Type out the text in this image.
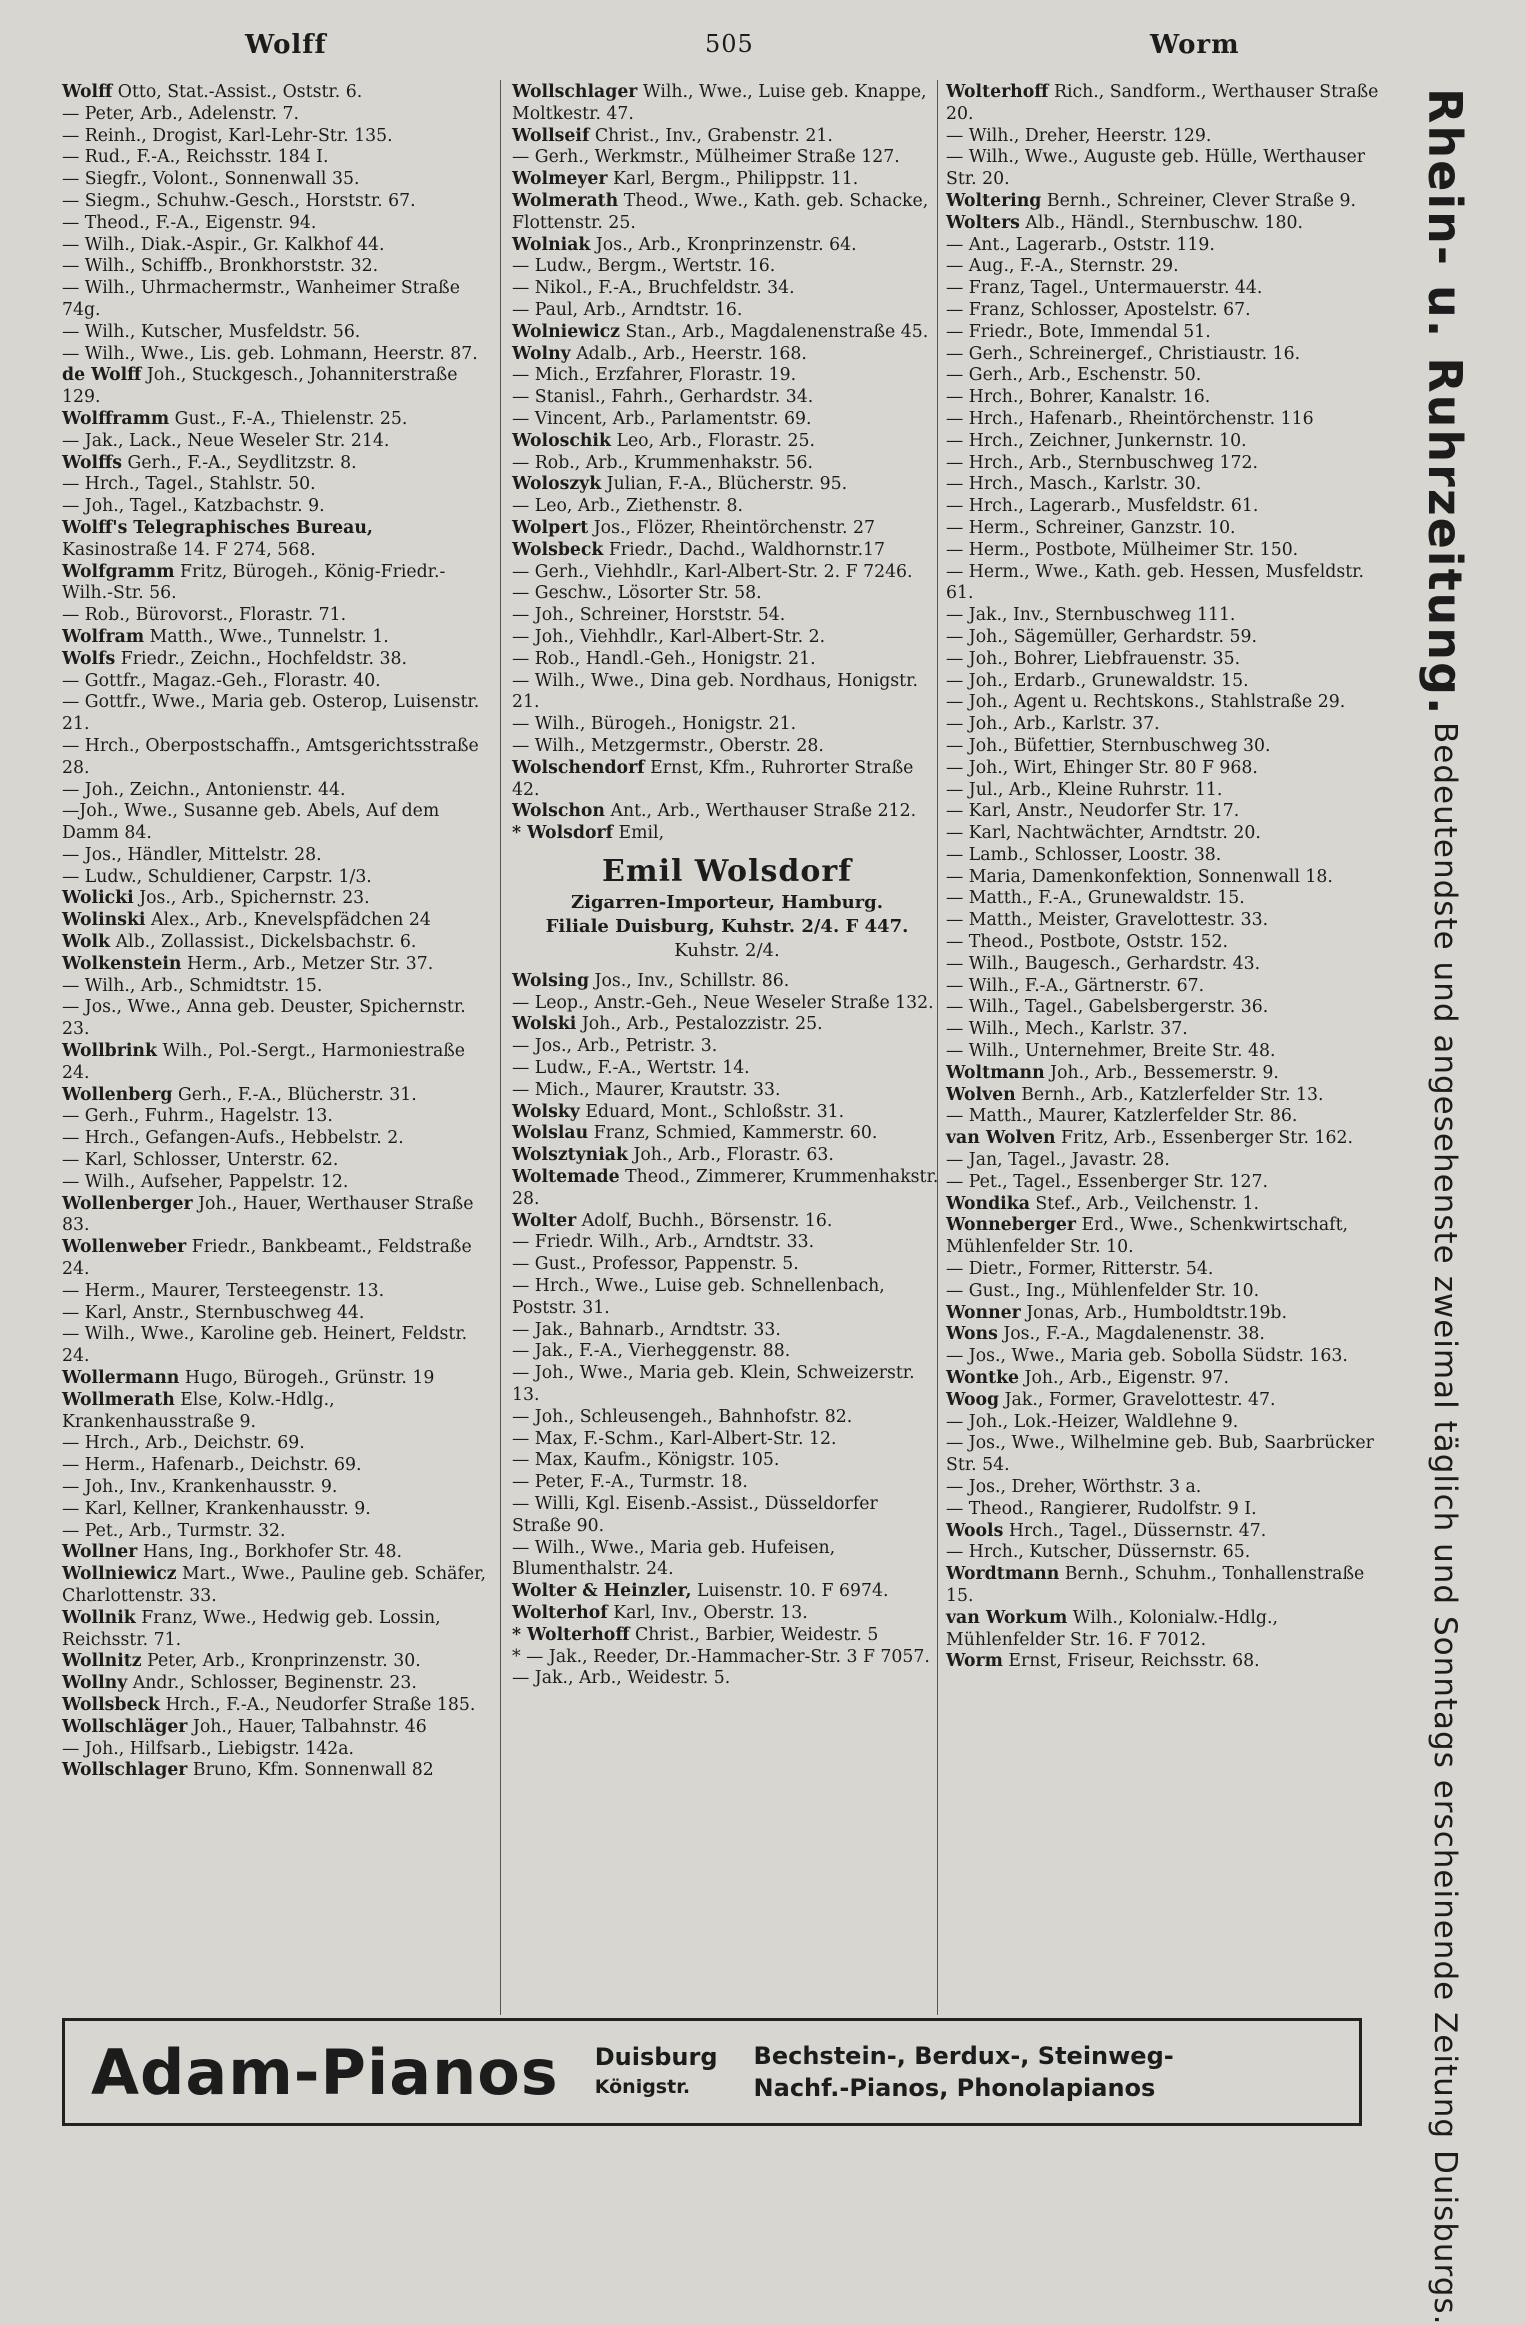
Wolff	505	Worm
Wolff Otto, Stat.-Assist., Oststr. 6.
— Peter, Arb., Adelenstr. 7.
— Reinh., Drogist, Karl-Lehr-Str. 135.
— Rud., F.-A., Reichsstr. 184 I.
— Siegfr., Volont., Sonnenwall 35.
— Siegm., Schuhw.-Gesch., Horststr. 67.
— Theod., F.-A., Eigenstr. 94.
— Wilh., Diak.-Aspir., Gr. Kalkhof 44.
— Wilh., Schiffb., Bronkhorststr. 32.
— Wilh., Uhrmachermstr., Wanheimer Straße 74g.
— Wilh., Kutscher, Musfeldstr. 56.
— Wilh., Wwe., Lis. geb. Lohmann, Heerstr. 87.
de Wolff Joh., Stuckgesch., Johanniterstraße 129.
Wolfframm Gust., F.-A., Thielenstr. 25.
— Jak., Lack., Neue Weseler Str. 214.
Wolffs Gerh., F.-A., Seydlitzstr. 8.
— Hrch., Tagel., Stahlstr. 50.
— Joh., Tagel., Katzbachstr. 9.
Wolff's Telegraphisches Bureau, Kasinostraße 14. F 274, 568.
Wolfgramm Fritz, Bürogeh., König-Friedr.-Wilh.-Str. 56.
— Rob., Bürovorst., Florastr. 71.
Wolfram Matth., Wwe., Tunnelstr. 1.
Wolfs Friedr., Zeichn., Hochfeldstr. 38.
— Gottfr., Magaz.-Geh., Florastr. 40.
— Gottfr., Wwe., Maria geb. Osterop, Luisenstr. 21.
— Hrch., Oberpostschaffn., Amtsgerichtsstraße 28.
— Joh., Zeichn., Antonienstr. 44.
—Joh., Wwe., Susanne geb. Abels, Auf dem Damm 84.
— Jos., Händler, Mittelstr. 28.
— Ludw., Schuldiener, Carpstr. 1/3.
Wolicki Jos., Arb., Spichernstr. 23.
Wolinski Alex., Arb., Knevelspfädchen 24
Wolk Alb., Zollassist., Dickelsbachstr. 6.
Wolkenstein Herm., Arb., Metzer Str. 37.
— Wilh., Arb., Schmidtstr. 15.
— Jos., Wwe., Anna geb. Deuster, Spichernstr. 23.
Wollbrink Wilh., Pol.-Sergt., Harmoniestraße 24.
Wollenberg Gerh., F.-A., Blücherstr. 31.
— Gerh., Fuhrm., Hagelstr. 13.
— Hrch., Gefangen-Aufs., Hebbelstr. 2.
— Karl, Schlosser, Unterstr. 62.
— Wilh., Aufseher, Pappelstr. 12.
Wollenberger Joh., Hauer, Werthauser Straße 83.
Wollenweber Friedr., Bankbeamt., Feldstraße 24.
— Herm., Maurer, Tersteegenstr. 13.
— Karl, Anstr., Sternbuschweg 44.
— Wilh., Wwe., Karoline geb. Heinert, Feldstr. 24.
Wollermann Hugo, Bürogeh., Grünstr. 19
Wollmerath Else, Kolw.-Hdlg., Krankenhausstraße 9.
— Hrch., Arb., Deichstr. 69.
— Herm., Hafenarb., Deichstr. 69.
— Joh., Inv., Krankenhausstr. 9.
— Karl, Kellner, Krankenhausstr. 9.
— Pet., Arb., Turmstr. 32.
Wollner Hans, Ing., Borkhofer Str. 48.
Wollniewicz Mart., Wwe., Pauline geb. Schäfer, Charlottenstr. 33.
Wollnik Franz, Wwe., Hedwig geb. Lossin, Reichsstr. 71.
Wollnitz Peter, Arb., Kronprinzenstr. 30.
Wollny Andr., Schlosser, Beginenstr. 23.
Wollsbeck Hrch., F.-A., Neudorfer Straße 185.
Wollschläger Joh., Hauer, Talbahnstr. 46
— Joh., Hilfsarb., Liebigstr. 142a.
Wollschlager Bruno, Kfm. Sonnenwall 82
Wollschlager Wilh., Wwe., Luise geb. Knappe, Moltkestr. 47.
Wollseif Christ., Inv., Grabenstr. 21.
— Gerh., Werkmstr., Mülheimer Straße 127.
Wolmeyer Karl, Bergm., Philippstr. 11.
Wolmerath Theod., Wwe., Kath. geb. Schacke, Flottenstr. 25.
Wolniak Jos., Arb., Kronprinzenstr. 64.
— Ludw., Bergm., Wertstr. 16.
— Nikol., F.-A., Bruchfeldstr. 34.
— Paul, Arb., Arndtstr. 16.
Wolniewicz Stan., Arb., Magdalenenstraße 45.
Wolny Adalb., Arb., Heerstr. 168.
— Mich., Erzfahrer, Florastr. 19.
— Stanisl., Fahrh., Gerhardstr. 34.
— Vincent, Arb., Parlamentstr. 69.
Woloschik Leo, Arb., Florastr. 25.
— Rob., Arb., Krummenhakstr. 56.
Woloszyk Julian, F.-A., Blücherstr. 95.
— Leo, Arb., Ziethenstr. 8.
Wolpert Jos., Flözer, Rheintörchenstr. 27
Wolsbeck Friedr., Dachd., Waldhornstr.17
— Gerh., Viehhdlr., Karl-Albert-Str. 2. F 7246.
— Geschw., Lösorter Str. 58.
— Joh., Schreiner, Horststr. 54.
— Joh., Viehhdlr., Karl-Albert-Str. 2.
— Rob., Handl.-Geh., Honigstr. 21.
— Wilh., Wwe., Dina geb. Nordhaus, Honigstr. 21.
— Wilh., Bürogeh., Honigstr. 21.
— Wilh., Metzgermstr., Oberstr. 28.
Wolschendorf Ernst, Kfm., Ruhrorter Straße 42.
Wolschon Ant., Arb., Werthauser Straße 212.
* Wolsdorf Emil,
Emil Wolsdorf
Zigarren-Importeur, Hamburg.
Filiale Duisburg, Kuhstr. 2/4. F 447.
Kuhstr. 2/4.
Wolsing Jos., Inv., Schillstr. 86.
— Leop., Anstr.-Geh., Neue Weseler Straße 132.
Wolski Joh., Arb., Pestalozzistr. 25.
— Jos., Arb., Petristr. 3.
— Ludw., F.-A., Wertstr. 14.
— Mich., Maurer, Krautstr. 33.
Wolsky Eduard, Mont., Schloßstr. 31.
Wolslau Franz, Schmied, Kammerstr. 60.
Wolsztyniak Joh., Arb., Florastr. 63.
Woltemade Theod., Zimmerer, Krummenhakstr. 28.
Wolter Adolf, Buchh., Börsenstr. 16.
— Friedr. Wilh., Arb., Arndtstr. 33.
— Gust., Professor, Pappenstr. 5.
— Hrch., Wwe., Luise geb. Schnellenbach, Poststr. 31.
— Jak., Bahnarb., Arndtstr. 33.
— Jak., F.-A., Vierheggenstr. 88.
— Joh., Wwe., Maria geb. Klein, Schweizerstr. 13.
— Joh., Schleusengeh., Bahnhofstr. 82.
— Max, F.-Schm., Karl-Albert-Str. 12.
— Max, Kaufm., Königstr. 105.
— Peter, F.-A., Turmstr. 18.
— Willi, Kgl. Eisenb.-Assist., Düsseldorfer Straße 90.
— Wilh., Wwe., Maria geb. Hufeisen, Blumenthalstr. 24.
Wolter & Heinzler, Luisenstr. 10. F 6974.
Wolterhof Karl, Inv., Oberstr. 13.
* Wolterhoff Christ., Barbier, Weidestr. 5
* — Jak., Reeder, Dr.-Hammacher-Str. 3 F 7057.
— Jak., Arb., Weidestr. 5.
Wolterhoff Rich., Sandform., Werthauser Straße 20.
— Wilh., Dreher, Heerstr. 129.
— Wilh., Wwe., Auguste geb. Hülle, Werthauser Str. 20.
Woltering Bernh., Schreiner, Clever Straße 9.
Wolters Alb., Händl., Sternbuschw. 180.
— Ant., Lagerarb., Oststr. 119.
— Aug., F.-A., Sternstr. 29.
— Franz, Tagel., Untermauerstr. 44.
— Franz, Schlosser, Apostelstr. 67.
— Friedr., Bote, Immendal 51.
— Gerh., Schreinergef., Christiaustr. 16.
— Gerh., Arb., Eschenstr. 50.
— Hrch., Bohrer, Kanalstr. 16.
— Hrch., Hafenarb., Rheintörchenstr. 116
— Hrch., Zeichner, Junkernstr. 10.
— Hrch., Arb., Sternbuschweg 172.
— Hrch., Masch., Karlstr. 30.
— Hrch., Lagerarb., Musfeldstr. 61.
— Herm., Schreiner, Ganzstr. 10.
— Herm., Postbote, Mülheimer Str. 150.
— Herm., Wwe., Kath. geb. Hessen, Musfeldstr. 61.
— Jak., Inv., Sternbuschweg 111.
— Joh., Sägemüller, Gerhardstr. 59.
— Joh., Bohrer, Liebfrauenstr. 35.
— Joh., Erdarb., Grunewaldstr. 15.
— Joh., Agent u. Rechtskons., Stahlstraße 29.
— Joh., Arb., Karlstr. 37.
— Joh., Büfettier, Sternbuschweg 30.
— Joh., Wirt, Ehinger Str. 80 F 968.
— Jul., Arb., Kleine Ruhrstr. 11.
— Karl, Anstr., Neudorfer Str. 17.
— Karl, Nachtwächter, Arndtstr. 20.
— Lamb., Schlosser, Loostr. 38.
— Maria, Damenkonfektion, Sonnenwall 18.
— Matth., F.-A., Grunewaldstr. 15.
— Matth., Meister, Gravelottestr. 33.
— Theod., Postbote, Oststr. 152.
— Wilh., Baugesch., Gerhardstr. 43.
— Wilh., F.-A., Gärtnerstr. 67.
— Wilh., Tagel., Gabelsbergerstr. 36.
— Wilh., Mech., Karlstr. 37.
— Wilh., Unternehmer, Breite Str. 48.
Woltmann Joh., Arb., Bessemerstr. 9.
Wolven Bernh., Arb., Katzlerfelder Str. 13.
— Matth., Maurer, Katzlerfelder Str. 86.
van Wolven Fritz, Arb., Essenberger Str. 162.
— Jan, Tagel., Javastr. 28.
— Pet., Tagel., Essenberger Str. 127.
Wondika Stef., Arb., Veilchenstr. 1.
Wonneberger Erd., Wwe., Schenkwirtschaft, Mühlenfelder Str. 10.
— Dietr., Former, Ritterstr. 54.
— Gust., Ing., Mühlenfelder Str. 10.
Wonner Jonas, Arb., Humboldtstr.19b.
Wons Jos., F.-A., Magdalenenstr. 38.
— Jos., Wwe., Maria geb. Sobolla Südstr. 163.
Wontke Joh., Arb., Eigenstr. 97.
Woog Jak., Former, Gravelottestr. 47.
— Joh., Lok.-Heizer, Waldlehne 9.
— Jos., Wwe., Wilhelmine geb. Bub, Saarbrücker Str. 54.
— Jos., Dreher, Wörthstr. 3 a.
— Theod., Rangierer, Rudolfstr. 9 I.
Wools Hrch., Tagel., Düssernstr. 47.
— Hrch., Kutscher, Düssernstr. 65.
Wordtmann Bernh., Schuhm., Tonhallenstraße 15.
van Workum Wilh., Kolonialw.-Hdlg., Mühlenfelder Str. 16. F 7012.
Worm Ernst, Friseur, Reichsstr. 68.
Rhein- u. Ruhrzeitung. Bedeutendste und angesehenste zweimal täglich und Sonntags erscheinende Zeitung Duisburgs.
Adam-Pianos Duisburg
Königstr.
Bechstein-, Berdux-, Steinweg-
Nachf.-Pianos, Phonolapianos
